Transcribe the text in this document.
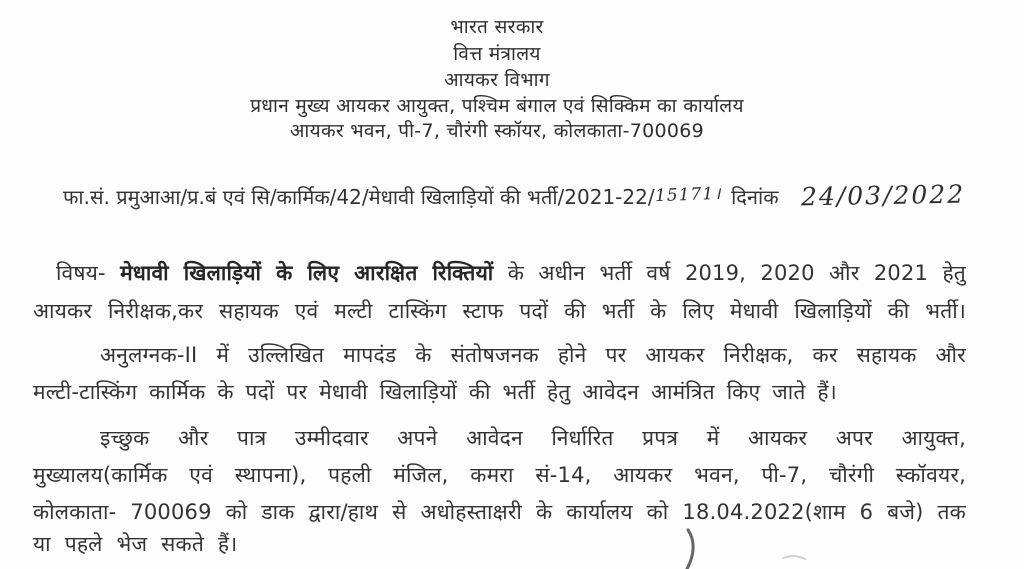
भारत सरकार
वित्त मंत्रालय
आयकर विभाग
प्रधान मुख्य आयकर आयुक्त, पश्चिम बंगाल एवं सिक्किम का कार्यालय
आयकर भवन, पी-7, चौरंगी स्कॉयर, कोलकाता-700069
फा.सं. प्रमुआआ/प्र.बं एवं सि/कार्मिक/42/मेधावी खिलाड़ियों की भर्ती/2021-22/ 15171। दिनांक 24/03/2022
विषय- मेधावी खिलाड़ियों के लिए आरक्षित रिक्तियों के अधीन भर्ती वर्ष 2019, 2020 और 2021 हेतु
आयकर निरीक्षक,कर सहायक एवं मल्टी टास्किंग स्टाफ पदों की भर्ती के लिए मेधावी खिलाड़ियों की भर्ती।
अनुलग्नक-II में उल्लिखित मापदंड के संतोषजनक होने पर आयकर निरीक्षक, कर सहायक और
मल्टी-टास्किंग कार्मिक के पदों पर मेधावी खिलाड़ियों की भर्ती हेतु आवेदन आमंत्रित किए जाते हैं।
इच्छुक और पात्र उम्मीदवार अपने आवेदन निर्धारित प्रपत्र में आयकर अपर आयुक्त,
मुख्यालय(कार्मिक एवं स्थापना), पहली मंजिल, कमरा सं-14, आयकर भवन, पी-7, चौरंगी स्कॉवयर,
कोलकाता- 700069 को डाक द्वारा/हाथ से अधोहस्ताक्षरी के कार्यालय को 18.04.2022(शाम 6 बजे) तक
या पहले भेज सकते हैं।
